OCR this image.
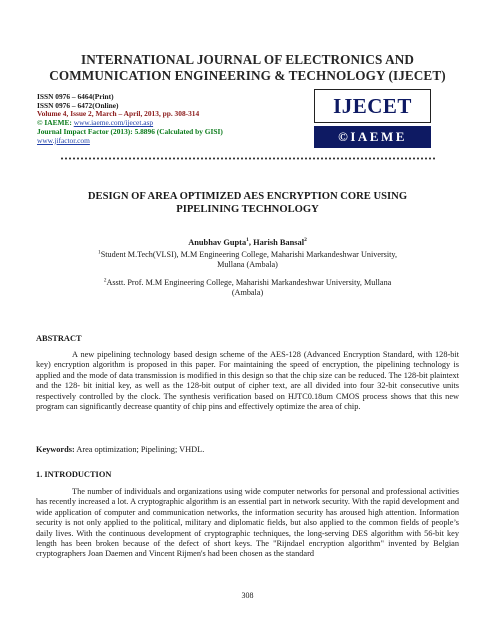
INTERNATIONAL JOURNAL OF ELECTRONICS AND
COMMUNICATION ENGINEERING & TECHNOLOGY (IJECET)
ISSN 0976 – 6464(Print)
ISSN 0976 – 6472(Online)
Volume 4, Issue 2, March – April, 2013, pp. 308-314
© IAEME: www.iaeme.com/ijecet.asp
Journal Impact Factor (2013): 5.8896 (Calculated by GISI)
www.jifactor.com
IJECET
©IAEME
DESIGN OF AREA OPTIMIZED AES ENCRYPTION CORE USING
PIPELINING TECHNOLOGY
Anubhav Gupta$^1$, Harish Bansal$^2$
$^1$Student M.Tech(VLSI), M.M Engineering College, Maharishi Markandeshwar University,
Mullana (Ambala)
$^2$Asstt. Prof. M.M Engineering College, Maharishi Markandeshwar University, Mullana
(Ambala)
ABSTRACT

A new pipelining technology based design scheme of the AES-128 (Advanced Encryption Standard, with 128-bit key) encryption algorithm is proposed in this paper. For maintaining the speed of encryption, the pipelining technology is applied and the mode of data transmission is modified in this design so that the chip size can be reduced. The 128-bit plaintext and the 128- bit initial key, as well as the 128-bit output of cipher text, are all divided into four 32-bit consecutive units respectively controlled by the clock. The synthesis verification based on HJTC0.18um CMOS process shows that this new program can significantly decrease quantity of chip pins and effectively optimize the area of chip.

Keywords: Area optimization; Pipelining; VHDL.
1. INTRODUCTION

The number of individuals and organizations using wide computer networks for personal and professional activities has recently increased a lot. A cryptographic algorithm is an essential part in network security. With the rapid development and wide application of computer and communication networks, the information security has aroused high attention. Information security is not only applied to the political, military and diplomatic fields, but also applied to the common fields of people’s daily lives. With the continuous development of cryptographic techniques, the long-serving DES algorithm with 56-bit key length has been broken because of the defect of short keys. The "Rijndael encryption algorithm" invented by Belgian cryptographers Joan Daemen and Vincent Rijmen's had been chosen as the standard

308
